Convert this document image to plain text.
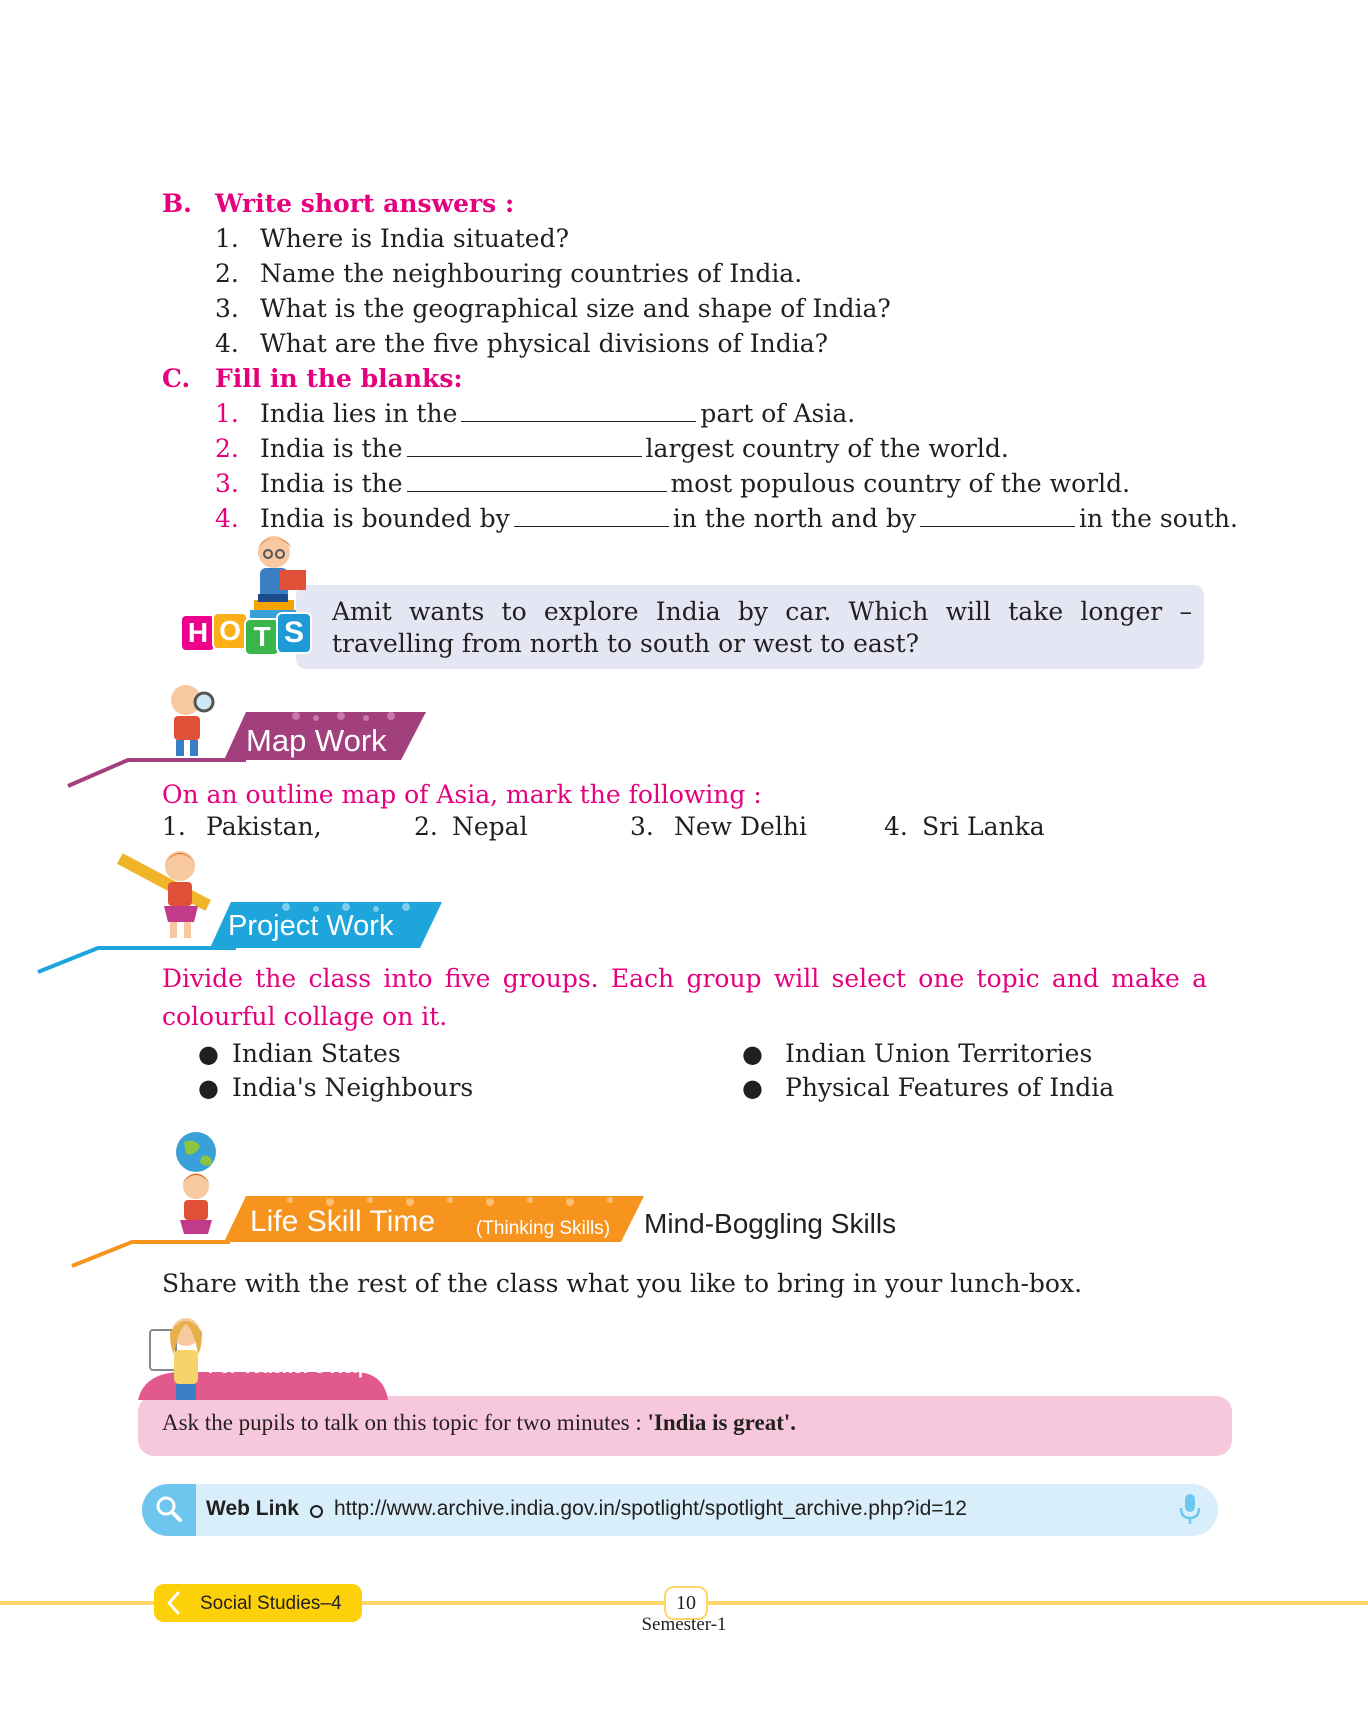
B. Write short answers :
1. Where is India situated?
2. Name the neighbouring countries of India.
3. What is the geographical size and shape of India?
4. What are the five physical divisions of India?
C. Fill in the blanks:
1. India lies in the	part of Asia.
2. India is the	largest country of the world.
3. India is the	most populous country of the world.
4. India is bounded by	in the north and by	in the south.
H O T S
Amit wants to explore India by car. Which will take longer – travelling from north to south or west to east?
Map Work
On an outline map of Asia, mark the following :
1. Pakistan,	2. Nepal	3. New Delhi	4. Sri Lanka
Project Work
Divide the class into five groups. Each group will select one topic and make a colourful collage on it.
● Indian States
● India's Neighbours
● Indian Union Territories
● Physical Features of India
Life Skill Time (Thinking Skills) Mind-Boggling Skills
Share with the rest of the class what you like to bring in your lunch-box.
For Teacher’s Help
Ask the pupils to talk on this topic for two minutes : 'India is great'.
Web Link http://www.archive.india.gov.in/spotlight/spotlight_archive.php?id=12
Social Studies–4	10
Semester-1
